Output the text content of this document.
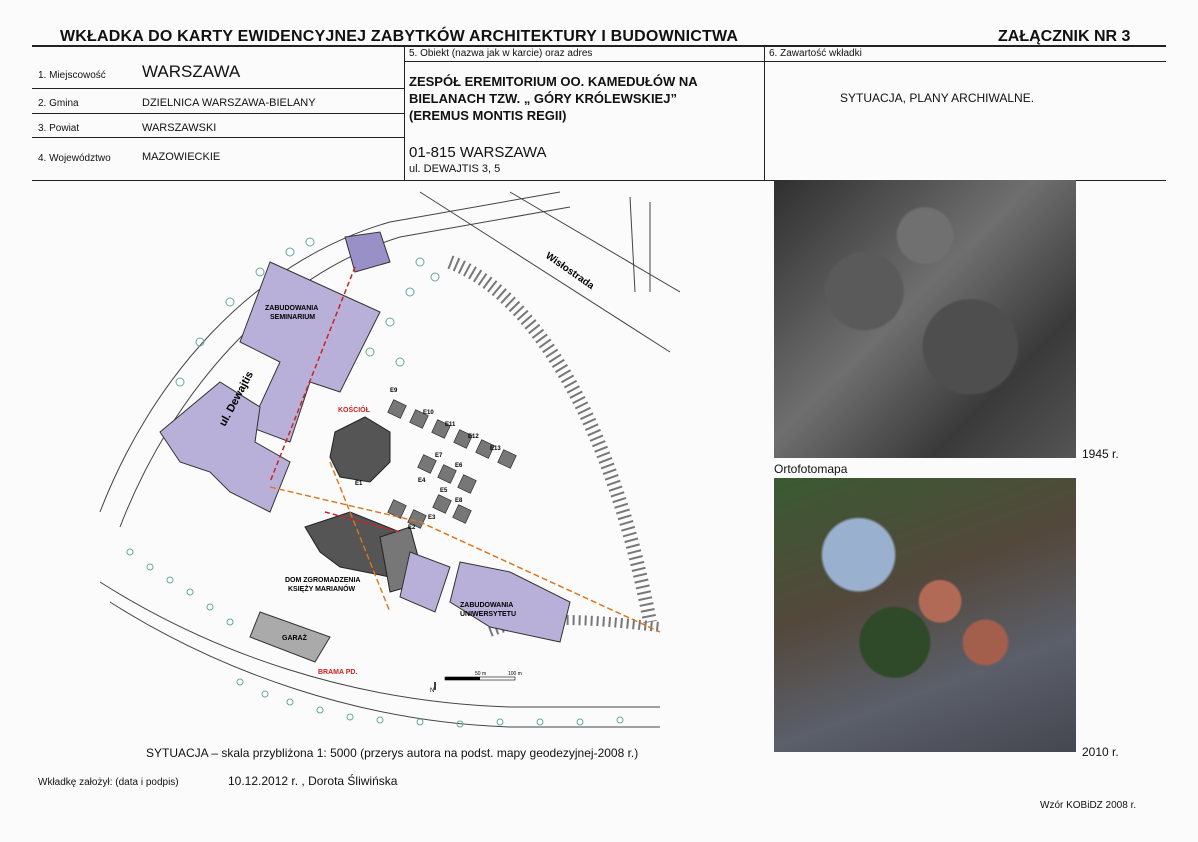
WKŁADKA DO KARTY EWIDENCYJNEJ ZABYTKÓW ARCHITEKTURY I BUDOWNICTWA	ZAŁĄCZNIK NR 3
1. Miejscowość WARSZAWA
2. Gmina	DZIELNICA WARSZAWA-BIELANY
3. Powiat	WARSZAWSKI
4. Województwo	MAZOWIECKIE
5. Obiekt (nazwa jak w karcie) oraz adres
ZESPÓŁ EREMITORIUM OO. KAMEDUŁÓW NA
BIELANACH TZW. „ GÓRY KRÓLEWSKIEJ”
(EREMUS MONTIS REGII)
01-815 WARSZAWA
ul. DEWAJTIS 3, 5
6. Zawartość wkładki
SYTUACJA, PLANY ARCHIWALNE.
ul. Dewajtis
Wisłostrada
ZABUDOWANIA
SEMINARIUM
KOŚCIÓŁ
DOM ZGROMADZENIA
KSIĘŻY MARIANÓW
GARAŻ
BRAMA PD.
ZABUDOWANIA
UNIWERSYTETU
E1
E2
E3
E4
E5
E6
E7
E8
E9
E10
E11
E12
E13
N
50 m	100 m
1945 r.
Ortofotomapa
2010 r.
SYTUACJA – skala przybliżona 1: 5000 (przerys autora na podst. mapy geodezyjnej-2008 r.)
Wkładkę założył: (data i podpis)	10.12.2012 r. , Dorota Śliwińska
Wzór KOBiDZ 2008 r.
